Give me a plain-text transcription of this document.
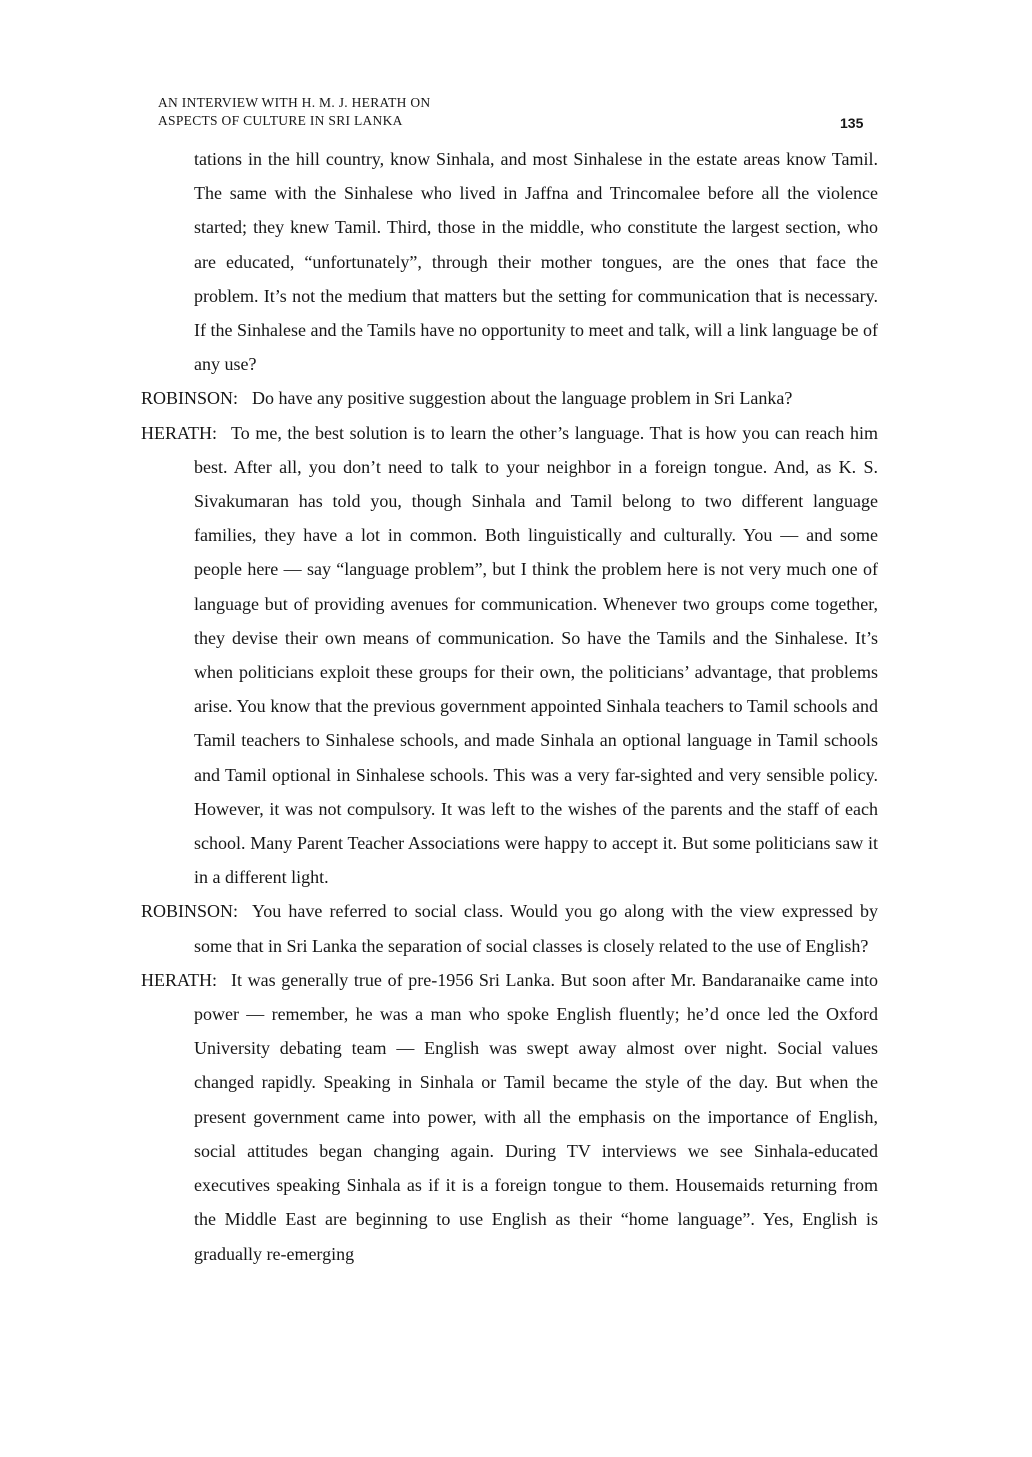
AN INTERVIEW WITH H. M. J. HERATH ON
ASPECTS OF CULTURE IN SRI LANKA	135

tations in the hill country, know Sinhala, and most Sinhalese in the estate areas know Tamil. The same with the Sinhalese who lived in Jaffna and Trincomalee before all the violence started; they knew Tamil. Third, those in the middle, who constitute the largest section, who are educated, “unfortunately”, through their mother tongues, are the ones that face the problem. It’s not the medium that matters but the setting for communication that is necessary. If the Sinhalese and the Tamils have no opportunity to meet and talk, will a link language be of any use?

ROBINSON: Do have any positive suggestion about the language problem in Sri Lanka?

HERATH: To me, the best solution is to learn the other’s language. That is how you can reach him best. After all, you don’t need to talk to your neighbor in a foreign tongue. And, as K. S. Sivakumaran has told you, though Sinhala and Tamil belong to two different language families, they have a lot in common. Both linguistically and culturally. You — and some people here — say “language problem”, but I think the problem here is not very much one of language but of providing avenues for communication. Whenever two groups come together, they devise their own means of communication. So have the Tamils and the Sinhalese. It’s when politicians exploit these groups for their own, the politicians’ advantage, that problems arise. You know that the previous government appointed Sinhala teachers to Tamil schools and Tamil teachers to Sinhalese schools, and made Sinhala an optional language in Tamil schools and Tamil optional in Sinhalese schools. This was a very far-sighted and very sensible policy. However, it was not compulsory. It was left to the wishes of the parents and the staff of each school. Many Parent Teacher Associations were happy to accept it. But some politicians saw it in a different light.

ROBINSON: You have referred to social class. Would you go along with the view expressed by some that in Sri Lanka the separation of social classes is closely related to the use of English?

HERATH: It was generally true of pre-1956 Sri Lanka. But soon after Mr. Bandaranaike came into power — remember, he was a man who spoke English fluently; he’d once led the Oxford University debating team — English was swept away almost over night. Social values changed rapidly. Speaking in Sinhala or Tamil became the style of the day. But when the present government came into power, with all the emphasis on the importance of English, social attitudes began changing again. During TV interviews we see Sinhala-educated executives speaking Sinhala as if it is a foreign tongue to them. Housemaids returning from the Middle East are beginning to use English as their “home language”. Yes, English is gradually re-emerging
